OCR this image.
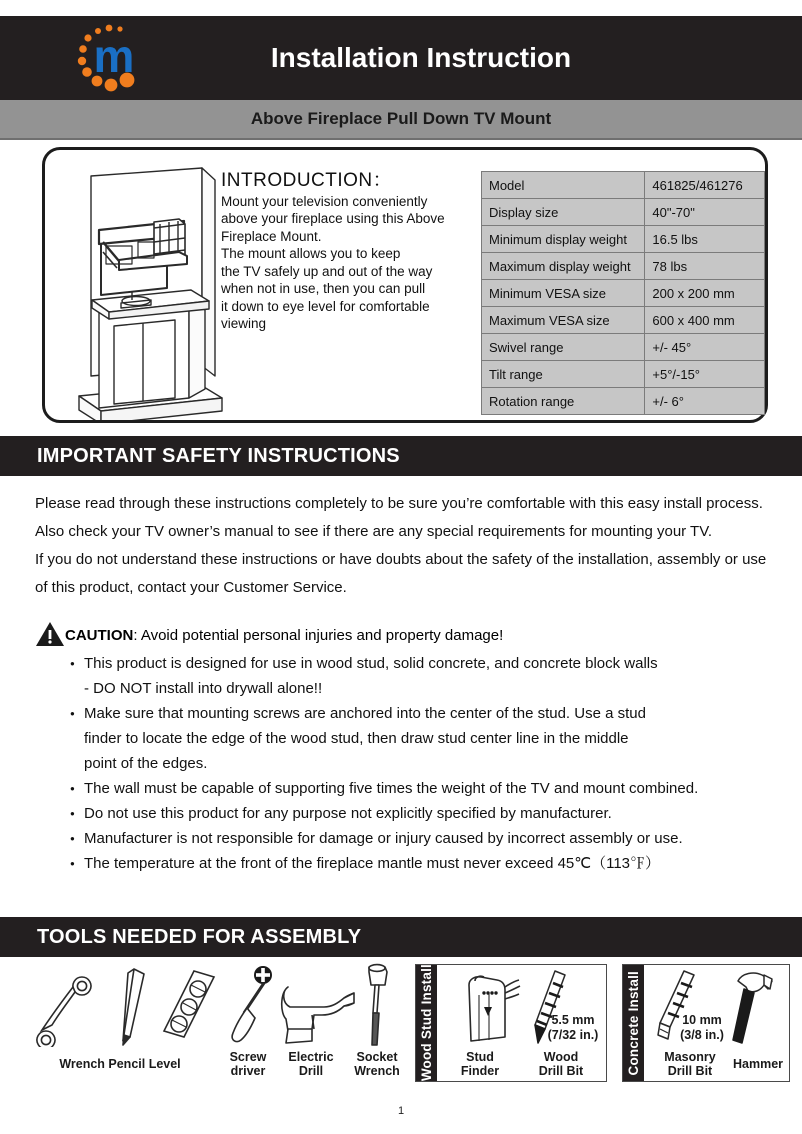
m	Installation Instruction
Above Fireplace Pull Down TV Mount
INTRODUCTION：
Mount your television conveniently
above your fireplace using this Above
Fireplace Mount.
The mount allows you to keep
the TV safely up and out of the way
when not in use, then you can pull
it down to eye level for comfortable
viewing
Model	461825/461276
Display size	40"-70"
Minimum display weight	16.5 lbs
Maximum display weight	78 lbs
Minimum VESA size	200 x 200 mm
Maximum VESA size	600 x 400 mm
Swivel range	+/- 45°
Tilt range	+5°/-15°
Rotation range	+/- 6°
IMPORTANT SAFETY INSTRUCTIONS

Please read through these instructions completely to be sure you’re comfortable with this easy install process. Also check your TV owner’s manual to see if there are any special requirements for mounting your TV.

If you do not understand these instructions or have doubts about the safety of the installation, assembly or use of this product, contact your Customer Service.

CAUTION: Avoid potential personal injuries and property damage!
● This product is designed for use in wood stud, solid concrete, and concrete block walls
- DO NOT install into drywall alone!!
● Make sure that mounting screws are anchored into the center of the stud. Use a stud
finder to locate the edge of the wood stud, then draw stud center line in the middle
point of the edges.
● The wall must be capable of supporting five times the weight of the TV and mount combined.
● Do not use this product for any purpose not explicitly specified by manufacturer.
● Manufacturer is not responsible for damage or injury caused by incorrect assembly or use.
● The temperature at the front of the fireplace mantle must never exceed 45℃（113℉）
TOOLS NEEDED FOR ASSEMBLY
Wrench Pencil Level	Screw
driver
Electric
Drill
Socket
Wrench	Wood Stud Install	5.5 mm
(7/32 in.)
Stud
Finder
Wood
Drill Bit	Concrete Install	10 mm
(3/8 in.)
Masonry
Drill Bit	Hammer
1
